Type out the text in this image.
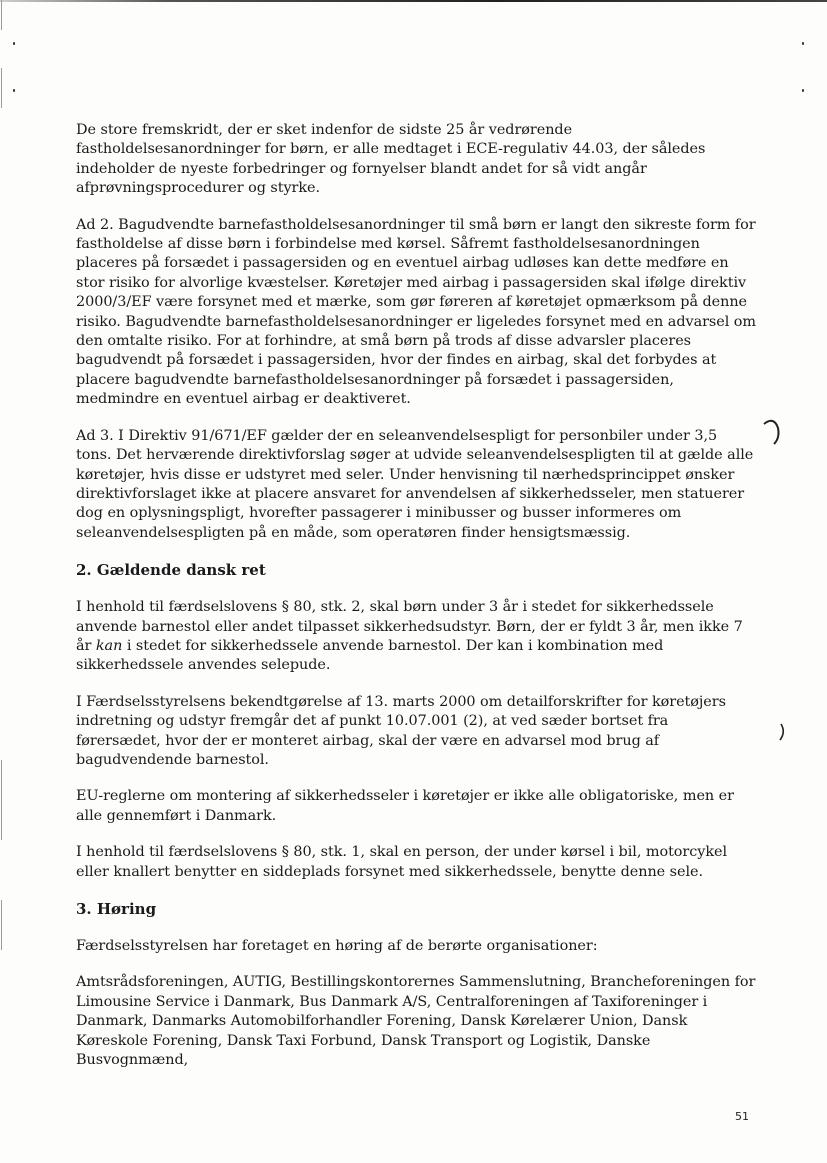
De store fremskridt, der er sket indenfor de sidste 25 år vedrørende fastholdelsesanordninger for børn, er alle medtaget i ECE-regulativ 44.03, der således indeholder de nyeste forbedringer og fornyelser blandt andet for så vidt angår afprøvningsprocedurer og styrke.

Ad 2. Bagudvendte barnefastholdelsesanordninger til små børn er langt den sikreste form for fastholdelse af disse børn i forbindelse med kørsel. Såfremt fastholdelsesanordningen placeres på forsædet i passagersiden og en eventuel airbag udløses kan dette medføre en stor risiko for alvorlige kvæstelser. Køretøjer med airbag i passagersiden skal ifølge direktiv 2000/3/EF være forsynet med et mærke, som gør føreren af køretøjet opmærksom på denne risiko. Bagudvendte barnefastholdelsesanordninger er ligeledes forsynet med en advarsel om den omtalte risiko. For at forhindre, at små børn på trods af disse advarsler placeres bagudvendt på forsædet i passagersiden, hvor der findes en airbag, skal det forbydes at placere bagudvendte barnefastholdelsesanordninger på forsædet i passagersiden, medmindre en eventuel airbag er deaktiveret.

Ad 3. I Direktiv 91/671/EF gælder der en seleanvendelsespligt for personbiler under 3,5 tons. Det herværende direktivforslag søger at udvide seleanvendelsespligten til at gælde alle køretøjer, hvis disse er udstyret med seler. Under henvisning til nærhedsprincippet ønsker direktivforslaget ikke at placere ansvaret for anvendelsen af sikkerhedsseler, men statuerer dog en oplysningspligt, hvorefter passagerer i minibusser og busser informeres om seleanvendelsespligten på en måde, som operatøren finder hensigtsmæssig.

2. Gældende dansk ret

I henhold til færdselslovens § 80, stk. 2, skal børn under 3 år i stedet for sikkerhedssele anvende barnestol eller andet tilpasset sikkerhedsudstyr. Børn, der er fyldt 3 år, men ikke 7 år kan i stedet for sikkerhedssele anvende barnestol. Der kan i kombination med sikkerhedssele anvendes selepude.

I Færdselsstyrelsens bekendtgørelse af 13. marts 2000 om detailforskrifter for køretøjers indretning og udstyr fremgår det af punkt 10.07.001 (2), at ved sæder bortset fra førersædet, hvor der er monteret airbag, skal der være en advarsel mod brug af bagudvendende barnestol.

EU-reglerne om montering af sikkerhedsseler i køretøjer er ikke alle obligatoriske, men er alle gennemført i Danmark.

I henhold til færdselslovens § 80, stk. 1, skal en person, der under kørsel i bil, motorcykel eller knallert benytter en siddeplads forsynet med sikkerhedssele, benytte denne sele.

3. Høring

Færdselsstyrelsen har foretaget en høring af de berørte organisationer:

Amtsrådsforeningen, AUTIG, Bestillingskontorernes Sammenslutning, Brancheforeningen for Limousine Service i Danmark, Bus Danmark A/S, Centralforeningen af Taxiforeninger i Danmark, Danmarks Automobilforhandler Forening, Dansk Kørelærer Union, Dansk Køreskole Forening, Dansk Taxi Forbund, Dansk Transport og Logistik, Danske Busvognmænd,

51
